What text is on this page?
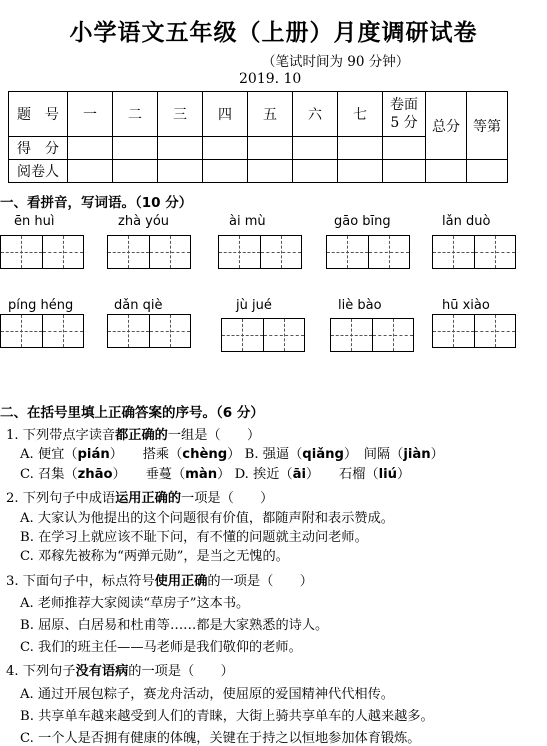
小学语文五年级（上册）月度调研试卷
（笔试时间为 90 分钟）
2019. 10
题　号	一	二	三	四	五	六	七	卷面
5 分	总分	等第
得　分										
阅卷人										
一、看拼音，写词语。（10 分）
ēn huì	zhà yóu	ài mù	gāo bīng	lǎn duò
píng héng	dǎn qiè	jù jué	liè bào	hū xiào
二、在括号里填上正确答案的序号。（6 分）
1. 下列带点字读音都正确的一组是（　　）
A. 便宜（pián）　　搭乘（chèng） B. 强逼（qiǎng）　间隔（jiàn）
C. 召集（zhāo）　　垂蔓（màn） D. 挨近（āi）　　石榴（liú）
2. 下列句子中成语运用正确的一项是（　　）
A. 大家认为他提出的这个问题很有价值，都随声附和表示赞成。
B. 在学习上就应该不耻下问，有不懂的问题就主动问老师。
C. 邓稼先被称为“两弹元勋”，是当之无愧的。
3. 下面句子中，标点符号使用正确的一项是（　　）
A. 老师推荐大家阅读“草房子”这本书。
B. 屈原、白居易和杜甫等……都是大家熟悉的诗人。
C. 我们的班主任——马老师是我们敬仰的老师。
4. 下列句子没有语病的一项是（　　）
A. 通过开展包粽子，赛龙舟活动，使屈原的爱国精神代代相传。
B. 共享单车越来越受到人们的青睐，大街上骑共享单车的人越来越多。
C. 一个人是否拥有健康的体魄，关键在于持之以恒地参加体育锻炼。
